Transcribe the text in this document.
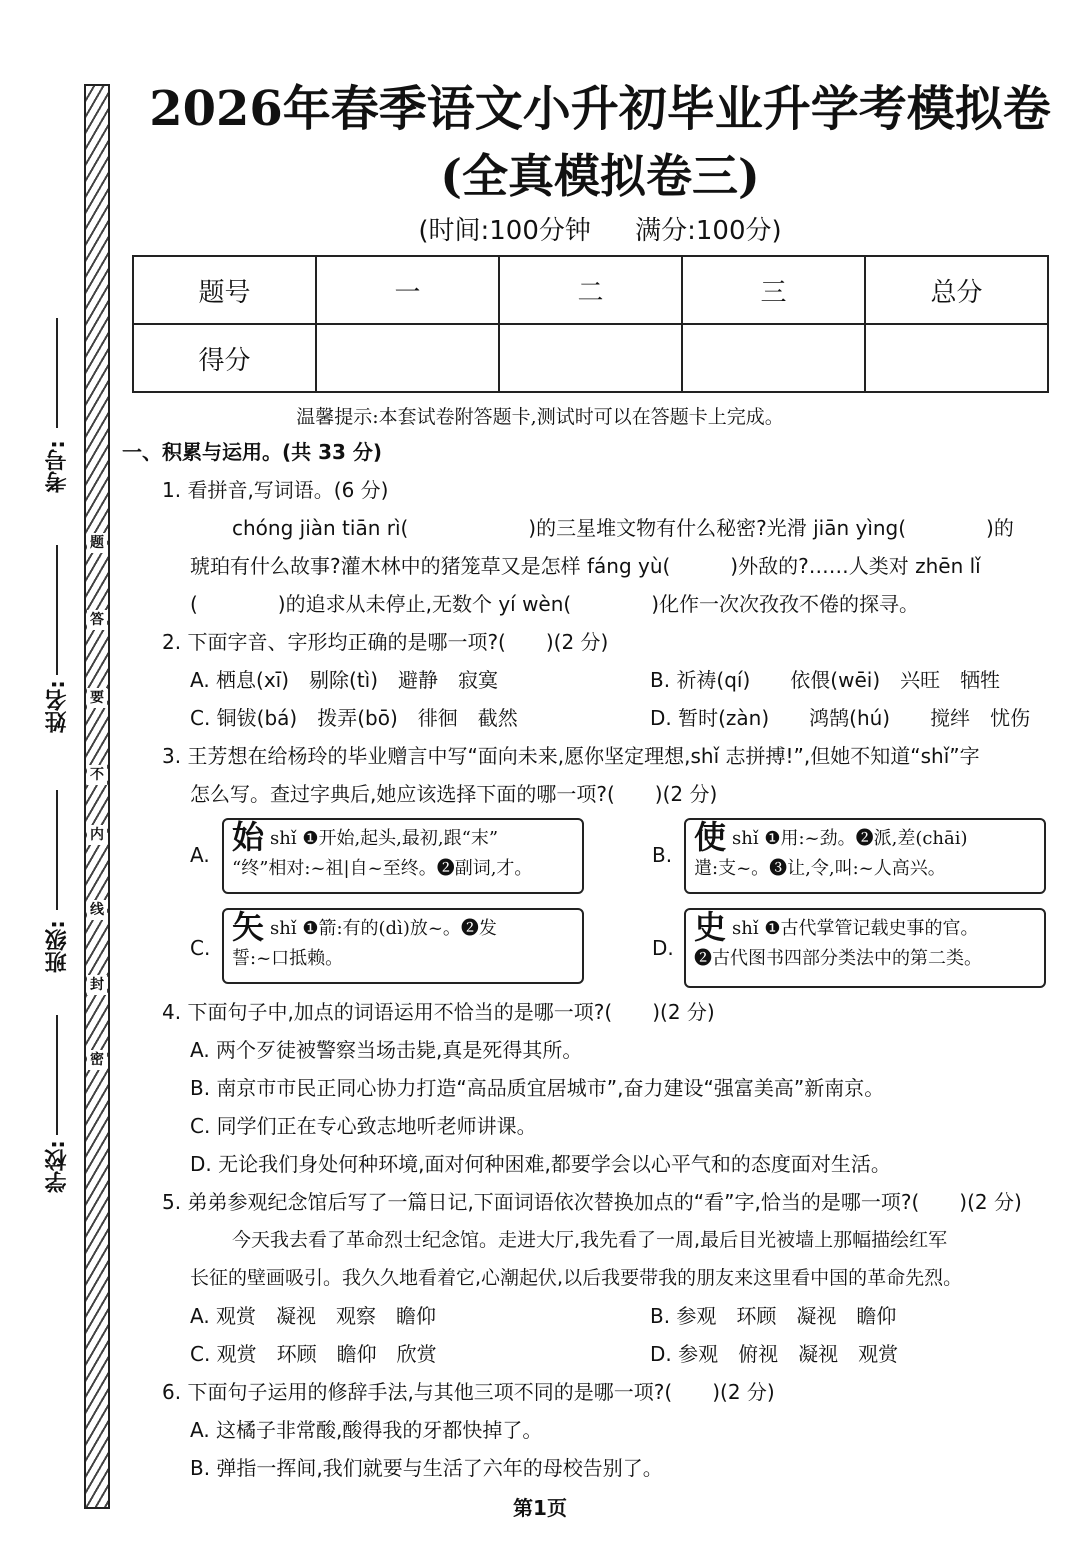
题
答
要
不
内
线
封
密
考号:
姓名:
班级:
学校:
2026年春季语文小升初毕业升学考模拟卷
(全真模拟卷三)
(时间:100分钟 满分:100分)
题号	一	二	三	总分
得分				
温馨提示:本套试卷附答题卡,测试时可以在答题卡上完成。
一、积累与运用。(共 33 分)
1. 看拼音,写词语。(6 分)
chóng jiàn tiān rì(　　　　　　)的三星堆文物有什么秘密?光滑 jiān yìng(　　　　)的
琥珀有什么故事?灌木林中的猪笼草又是怎样 fáng yù(　　　)外敌的?……人类对 zhēn lǐ
(　　　　)的追求从未停止,无数个 yí wèn(　　　　)化作一次次孜孜不倦的探寻。
2. 下面字音、字形均正确的是哪一项?(　　)(2 分)
A. 栖息(xī)　剔除(tì)　避静　寂寞	B. 祈祷(qí)　　依偎(wēi)　兴旺　牺牲
C. 铜钹(bá)　拨弄(bō)　徘徊　截然	D. 暂时(zàn)　　鸿鹄(hú)　　搅绊　忧伤
3. 王芳想在给杨玲的毕业赠言中写“面向未来,愿你坚定理想,shǐ 志拼搏!”,但她不知道“shǐ”字
怎么写。查过字典后,她应该选择下面的哪一项?(　　)(2 分)
A. 始shǐ ❶开始,起头,最初,跟“末”
“终”相对:~祖|自~至终。❷副词,才。
B. 使shǐ ❶用:~劲。❷派,差(chāi)
遣:支~。❸让,令,叫:~人高兴。
C.
矢shǐ ❶箭:有的(dì)放~。❷发
誓:~口抵赖。	D.
史shǐ ❶古代掌管记载史事的官。
❷古代图书四部分类法中的第二类。
4. 下面句子中,加点的词语运用不恰当的是哪一项?(　　)(2 分)
A. 两个歹徒被警察当场击毙,真是死得其所。
B. 南京市市民正同心协力打造“高品质宜居城市”,奋力建设“强富美高”新南京。
C. 同学们正在专心致志地听老师讲课。
D. 无论我们身处何种环境,面对何种困难,都要学会以心平气和的态度面对生活。
5. 弟弟参观纪念馆后写了一篇日记,下面词语依次替换加点的“看”字,恰当的是哪一项?(　　)(2 分)
今天我去看了革命烈士纪念馆。走进大厅,我先看了一周,最后目光被墙上那幅描绘红军
长征的壁画吸引。我久久地看着它,心潮起伏,以后我要带我的朋友来这里看中国的革命先烈。
A. 观赏　凝视　观察　瞻仰	B. 参观　环顾　凝视　瞻仰
C. 观赏　环顾　瞻仰　欣赏	D. 参观　俯视　凝视　观赏
6. 下面句子运用的修辞手法,与其他三项不同的是哪一项?(　　)(2 分)
A. 这橘子非常酸,酸得我的牙都快掉了。
B. 弹指一挥间,我们就要与生活了六年的母校告别了。
第1页
